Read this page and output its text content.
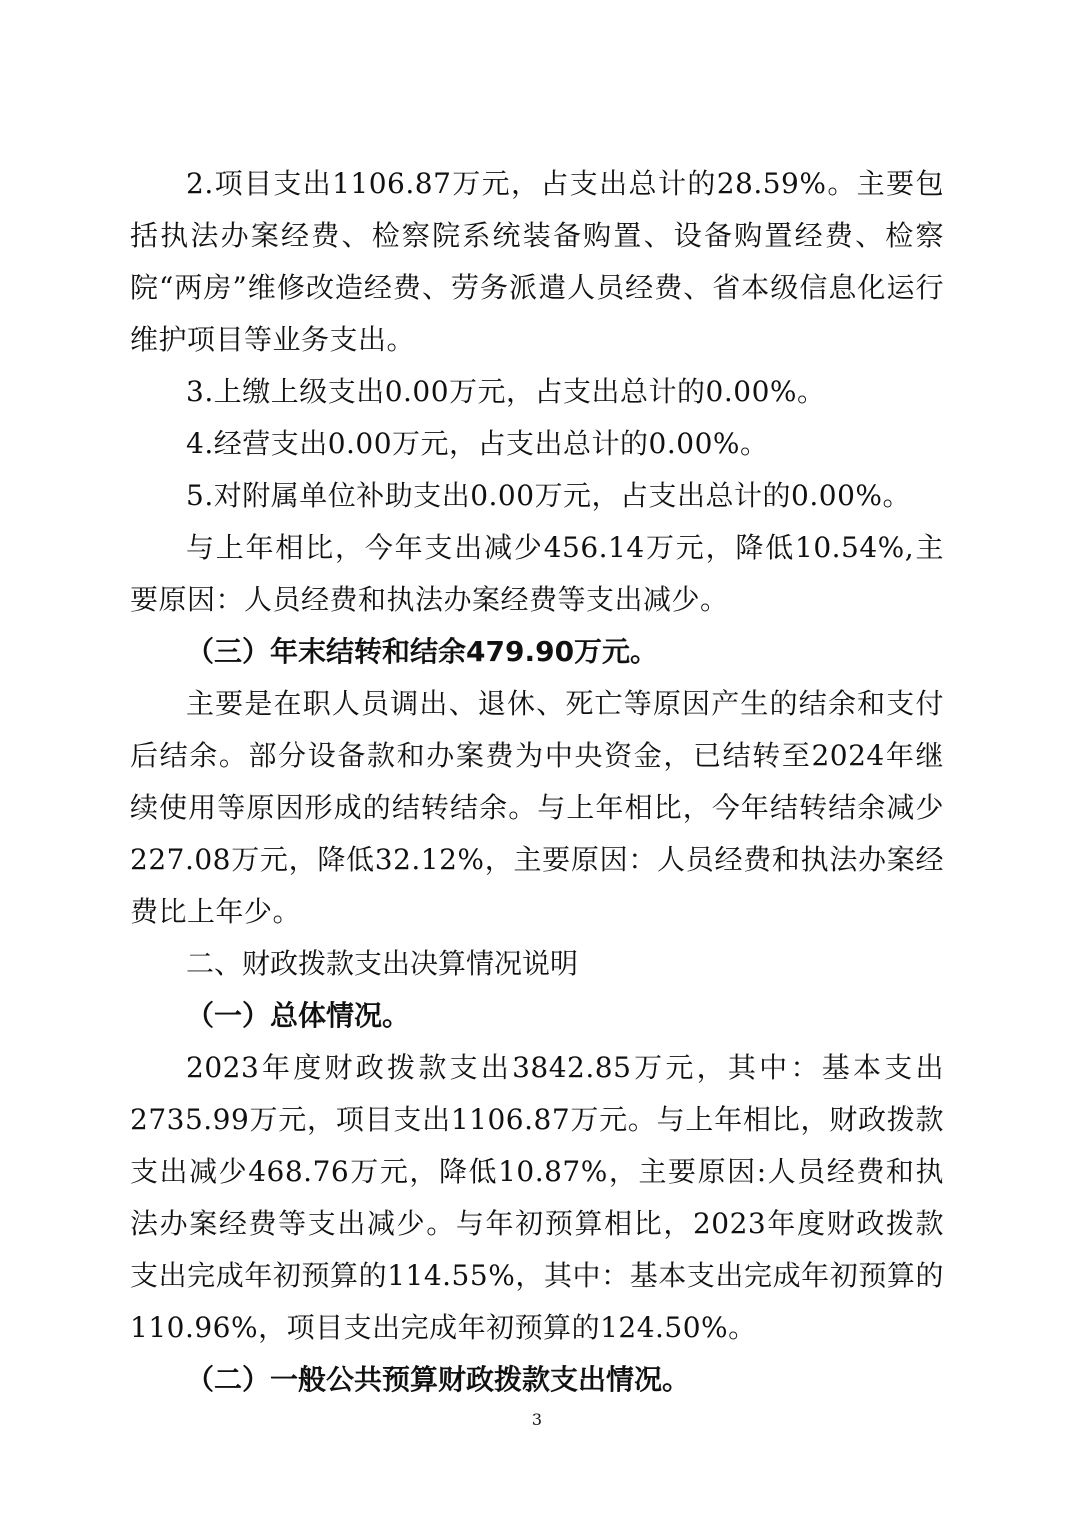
2.项目支出1106.87万元，占支出总计的28.59%。主要包括执法办案经费、检察院系统装备购置、设备购置经费、检察院“两房”维修改造经费、劳务派遣人员经费、省本级信息化运行维护项目等业务支出。

3.上缴上级支出0.00万元，占支出总计的0.00%。

4.经营支出0.00万元，占支出总计的0.00%。

5.对附属单位补助支出0.00万元，占支出总计的0.00%。

与上年相比，今年支出减少456.14万元，降低10.54%,主要原因：人员经费和执法办案经费等支出减少。

（三）年末结转和结余479.90万元。

主要是在职人员调出、退休、死亡等原因产生的结余和支付后结余。部分设备款和办案费为中央资金，已结转至2024年继续使用等原因形成的结转结余。与上年相比，今年结转结余减少227.08万元，降低32.12%，主要原因：人员经费和执法办案经费比上年少。

二、财政拨款支出决算情况说明

（一）总体情况。

2023年度财政拨款支出3842.85万元，其中：基本支出2735.99万元，项目支出1106.87万元。与上年相比，财政拨款支出减少468.76万元，降低10.87%，主要原因:人员经费和执法办案经费等支出减少。与年初预算相比，2023年度财政拨款支出完成年初预算的114.55%，其中：基本支出完成年初预算的110.96%，项目支出完成年初预算的124.50%。

（二）一般公共预算财政拨款支出情况。

3
